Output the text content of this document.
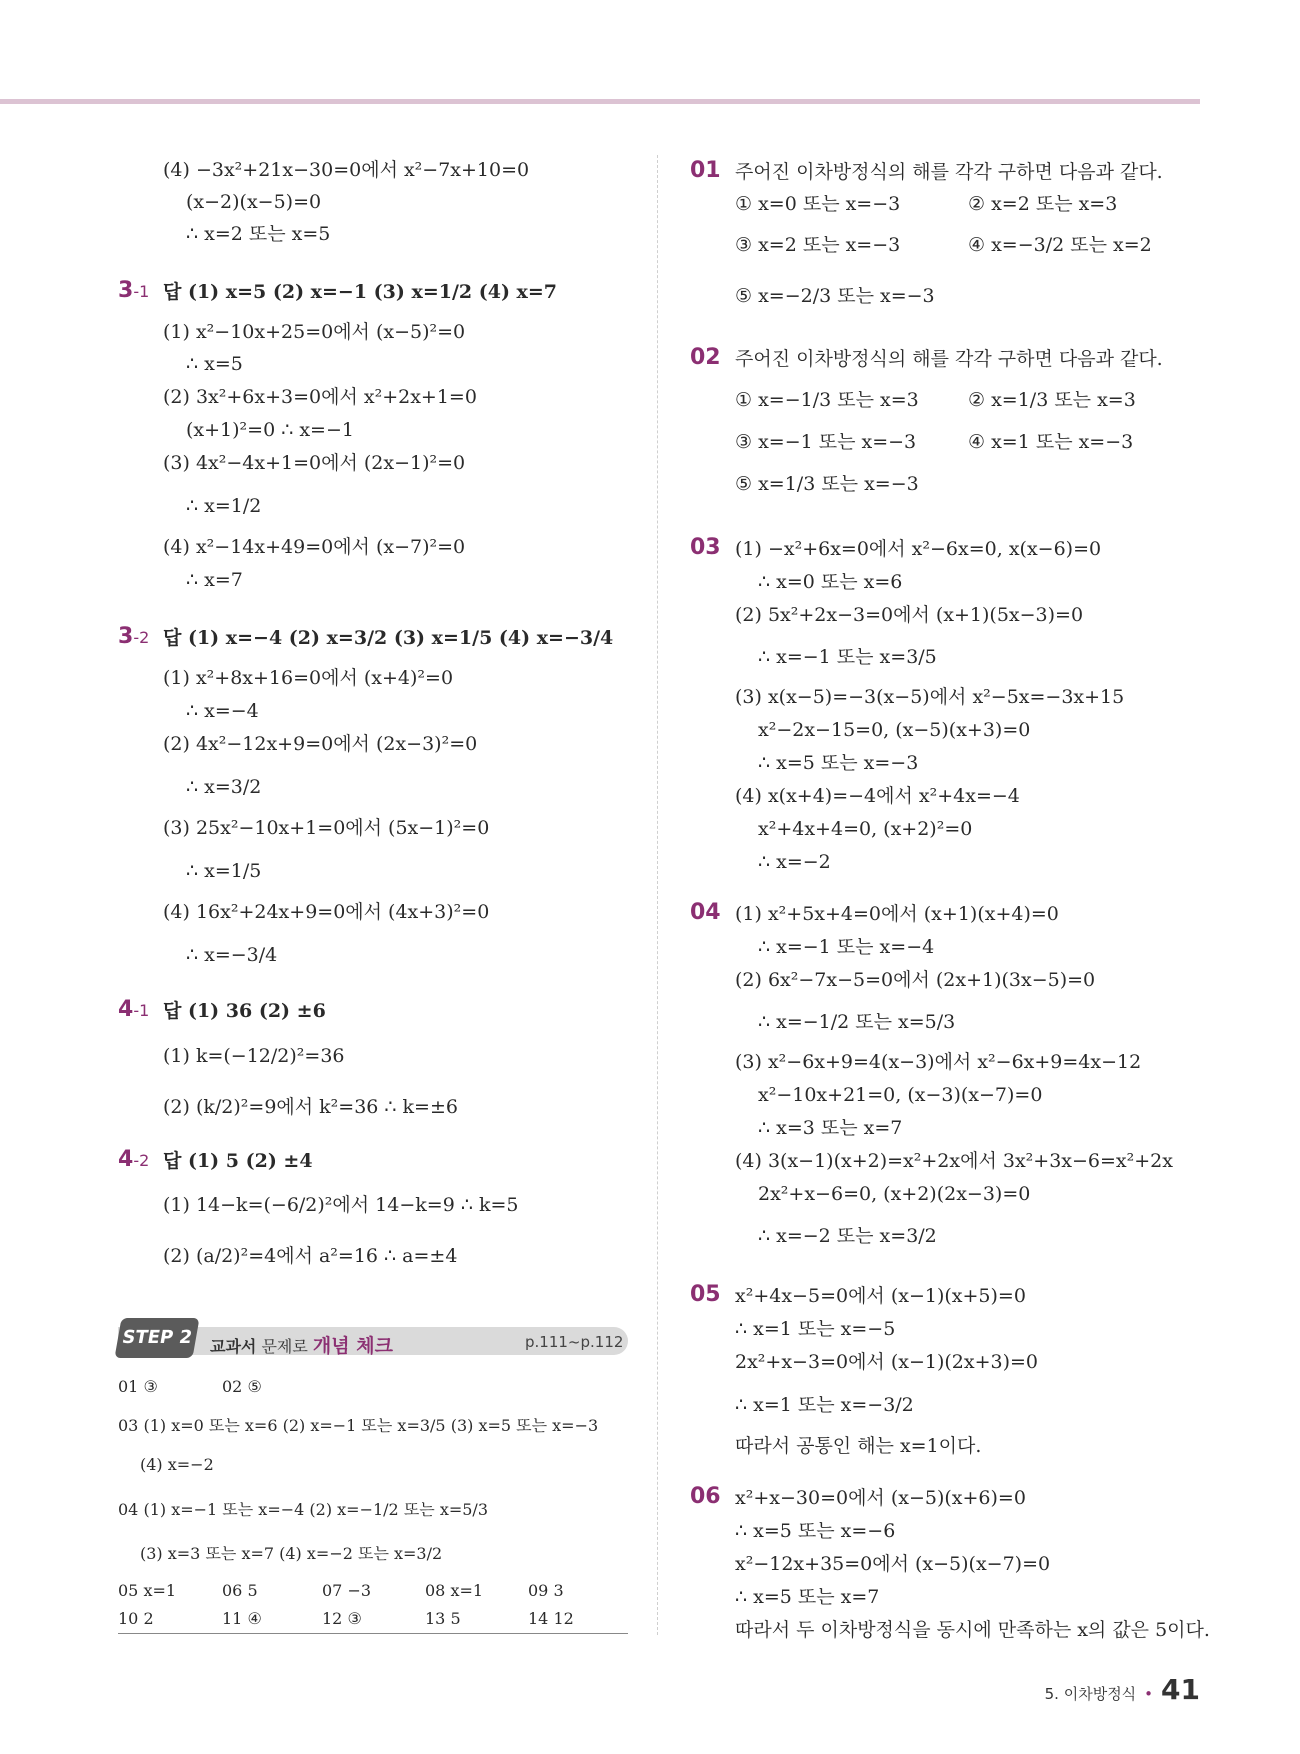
(4) −3x²+21x−30=0에서 x²−7x+10=0
(x−2)(x−5)=0
∴ x=2 또는 x=5
3-1 답 (1) x=5 (2) x=−1 (3) x=1/2 (4) x=7
(1) x²−10x+25=0에서 (x−5)²=0
∴ x=5
(2) 3x²+6x+3=0에서 x²+2x+1=0
(x+1)²=0 ∴ x=−1
(3) 4x²−4x+1=0에서 (2x−1)²=0
∴ x=1/2
(4) x²−14x+49=0에서 (x−7)²=0
∴ x=7
3-2 답 (1) x=−4 (2) x=3/2 (3) x=1/5 (4) x=−3/4
(1) x²+8x+16=0에서 (x+4)²=0
∴ x=−4
(2) 4x²−12x+9=0에서 (2x−3)²=0
∴ x=3/2
(3) 25x²−10x+1=0에서 (5x−1)²=0
∴ x=1/5
(4) 16x²+24x+9=0에서 (4x+3)²=0
∴ x=−3/4
4-1 답 (1) 36 (2) ±6
(1) k=(−12/2)²=36
(2) (k/2)²=9에서 k²=36 ∴ k=±6
4-2 답 (1) 5 (2) ±4
(1) 14−k=(−6/2)²에서 14−k=9 ∴ k=5
(2) (a/2)²=4에서 a²=16 ∴ a=±4
STEP 2	교과서 문제로 개념 체크	p.111~p.112
01 ③	02 ⑤
03 (1) x=0 또는 x=6 (2) x=−1 또는 x=3/5 (3) x=5 또는 x=−3
(4) x=−2
04 (1) x=−1 또는 x=−4 (2) x=−1/2 또는 x=5/3
(3) x=3 또는 x=7 (4) x=−2 또는 x=3/2
05 x=1	06 5	07 −3	08 x=1	09 3
10 2	11 ④	12 ③	13 5	14 12
01 주어진 이차방정식의 해를 각각 구하면 다음과 같다.
① x=0 또는 x=−3	② x=2 또는 x=3
③ x=2 또는 x=−3	④ x=−3/2 또는 x=2
⑤ x=−2/3 또는 x=−3
02 주어진 이차방정식의 해를 각각 구하면 다음과 같다.
① x=−1/3 또는 x=3	② x=1/3 또는 x=3
③ x=−1 또는 x=−3	④ x=1 또는 x=−3
⑤ x=1/3 또는 x=−3
03 (1) −x²+6x=0에서 x²−6x=0, x(x−6)=0
∴ x=0 또는 x=6
(2) 5x²+2x−3=0에서 (x+1)(5x−3)=0
∴ x=−1 또는 x=3/5
(3) x(x−5)=−3(x−5)에서 x²−5x=−3x+15
x²−2x−15=0, (x−5)(x+3)=0
∴ x=5 또는 x=−3
(4) x(x+4)=−4에서 x²+4x=−4
x²+4x+4=0, (x+2)²=0
∴ x=−2
04 (1) x²+5x+4=0에서 (x+1)(x+4)=0
∴ x=−1 또는 x=−4
(2) 6x²−7x−5=0에서 (2x+1)(3x−5)=0
∴ x=−1/2 또는 x=5/3
(3) x²−6x+9=4(x−3)에서 x²−6x+9=4x−12
x²−10x+21=0, (x−3)(x−7)=0
∴ x=3 또는 x=7
(4) 3(x−1)(x+2)=x²+2x에서 3x²+3x−6=x²+2x
2x²+x−6=0, (x+2)(2x−3)=0
∴ x=−2 또는 x=3/2
05 x²+4x−5=0에서 (x−1)(x+5)=0
∴ x=1 또는 x=−5
2x²+x−3=0에서 (x−1)(2x+3)=0
∴ x=1 또는 x=−3/2
따라서 공통인 해는 x=1이다.
06 x²+x−30=0에서 (x−5)(x+6)=0
∴ x=5 또는 x=−6
x²−12x+35=0에서 (x−5)(x−7)=0
∴ x=5 또는 x=7
따라서 두 이차방정식을 동시에 만족하는 x의 값은 5이다.
5. 이차방정식 • 41
